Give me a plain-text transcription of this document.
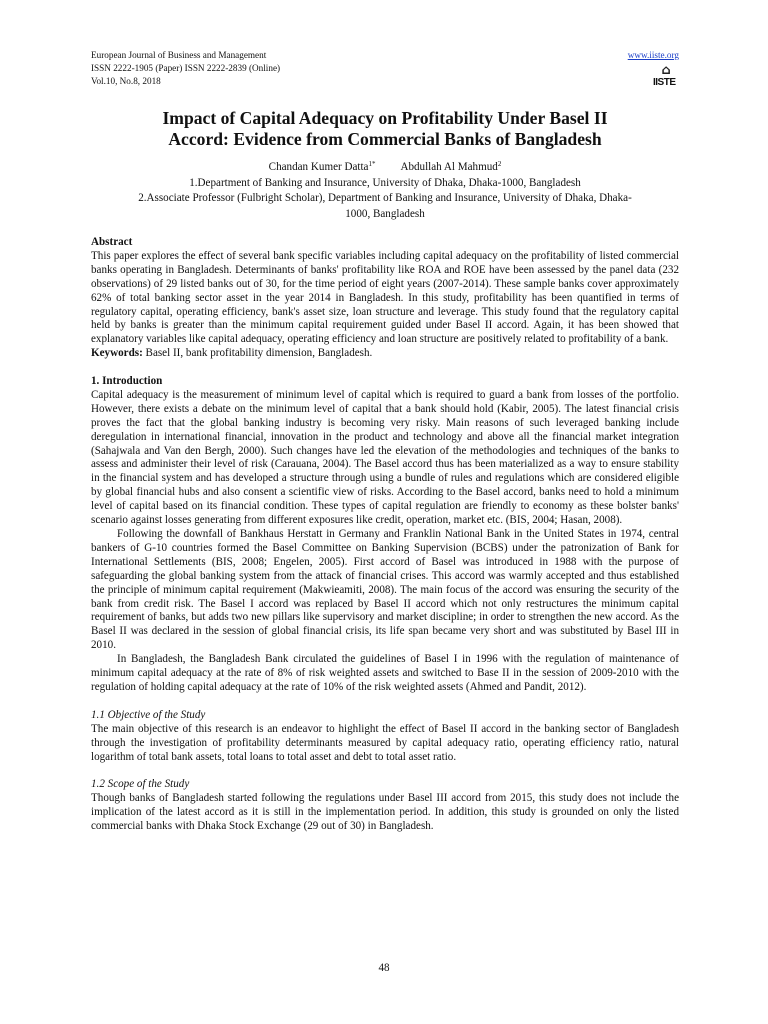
European Journal of Business and Management	www.iiste.org
ISSN 2222-1905 (Paper) ISSN 2222-2839 (Online)
Vol.10, No.8, 2018
⌂
IISTE
Impact of Capital Adequacy on Profitability Under Basel II
Accord: Evidence from Commercial Banks of Bangladesh
Chandan Kumer Datta$^{1*}$ Abdullah Al Mahmud$^2$
1.Department of Banking and Insurance, University of Dhaka, Dhaka-1000, Bangladesh
2.Associate Professor (Fulbright Scholar), Department of Banking and Insurance, University of Dhaka, Dhaka-
1000, Bangladesh
Abstract

This paper explores the effect of several bank specific variables including capital adequacy on the profitability of listed commercial banks operating in Bangladesh. Determinants of banks' profitability like ROA and ROE have been assessed by the panel data (232 observations) of 29 listed banks out of 30, for the time period of eight years (2007-2014). These sample banks cover approximately 62% of total banking sector asset in the year 2014 in Bangladesh. In this study, profitability has been quantified in terms of regulatory capital, operating efficiency, bank's asset size, loan structure and leverage. This study found that the regulatory capital held by banks is greater than the minimum capital requirement guided under Basel II accord. Again, it has been showed that explanatory variables like capital adequacy, operating efficiency and loan structure are positively related to profitability of a bank.

Keywords: Basel II, bank profitability dimension, Bangladesh.

1. Introduction

Capital adequacy is the measurement of minimum level of capital which is required to guard a bank from losses of the portfolio. However, there exists a debate on the minimum level of capital that a bank should hold (Kabir, 2005). The latest financial crisis proves the fact that the global banking industry is becoming very risky. Main reasons of such leveraged banking include deregulation in international financial, innovation in the product and technology and above all the financial market integration (Sahajwala and Van den Bergh, 2000). Such changes have led the elevation of the methodologies and techniques of the banks to assess and administer their level of risk (Carauana, 2004). The Basel accord thus has been materialized as a way to ensure stability in the financial system and has developed a structure through using a bundle of rules and regulations which are considered eligible by global financial hubs and also consent a scientific view of risks. According to the Basel accord, banks need to hold a minimum level of capital based on its financial condition. These types of capital regulation are friendly to economy as these bolster banks' scenario against losses generating from different exposures like credit, operation, market etc. (BIS, 2004; Hasan, 2008).

Following the downfall of Bankhaus Herstatt in Germany and Franklin National Bank in the United States in 1974, central bankers of G-10 countries formed the Basel Committee on Banking Supervision (BCBS) under the patronization of Bank for International Settlements (BIS, 2008; Engelen, 2005). First accord of Basel was introduced in 1988 with the purpose of safeguarding the global banking system from the attack of financial crises. This accord was warmly accepted and thus established the principle of minimum capital requirement (Makwieamiti, 2008). The main focus of the accord was ensuring the security of the bank from credit risk. The Basel I accord was replaced by Basel II accord which not only restructures the minimum capital requirement of banks, but adds two new pillars like supervisory and market discipline; in order to strengthen the new accord. As the Basel II was declared in the session of global financial crisis, its life span became very short and was substituted by Basel III in 2010.

In Bangladesh, the Bangladesh Bank circulated the guidelines of Basel I in 1996 with the regulation of maintenance of minimum capital adequacy at the rate of 8% of risk weighted assets and switched to Base II in the session of 2009-2010 with the regulation of holding capital adequacy at the rate of 10% of the risk weighted assets (Ahmed and Pandit, 2012).

1.1 Objective of the Study

The main objective of this research is an endeavor to highlight the effect of Basel II accord in the banking sector of Bangladesh through the investigation of profitability determinants measured by capital adequacy ratio, operating efficiency ratio, natural logarithm of total bank assets, total loans to total asset and debt to total asset ratio.

1.2 Scope of the Study

Though banks of Bangladesh started following the regulations under Basel III accord from 2015, this study does not include the implication of the latest accord as it is still in the implementation period. In addition, this study is grounded on only the listed commercial banks with Dhaka Stock Exchange (29 out of 30) in Bangladesh.

48
